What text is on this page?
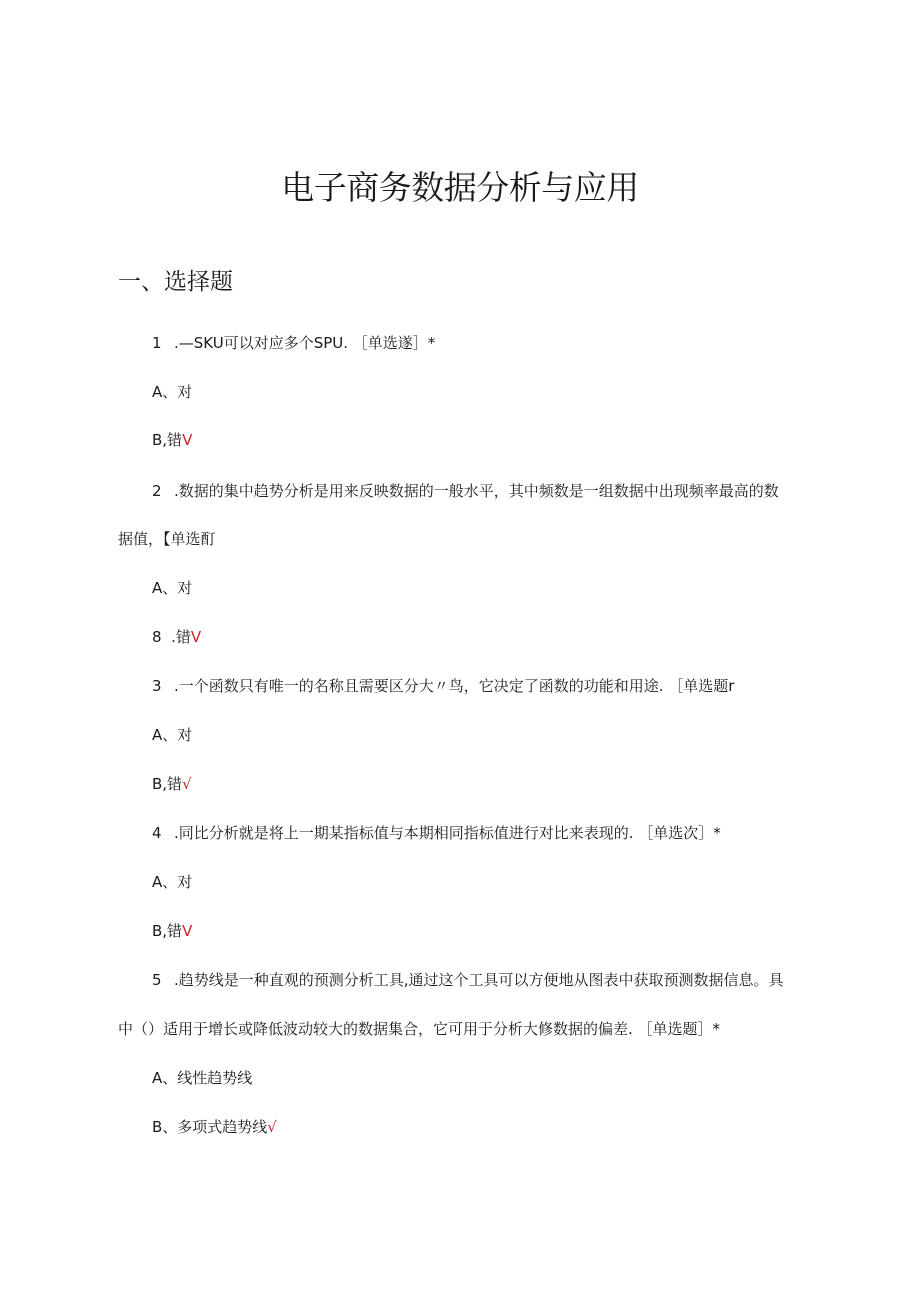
电子商务数据分析与应用
一、选择题

1 .—SKU可以对应多个SPU. ［单选遂］*

A、对

B,错V

2 .数据的集中趋势分析是用来反映数据的一般水平，其中频数是一组数据中出现频率最高的数

据值，【单选酊

A、对

8  .错V

3 .一个函数只有唯一的名称且需要区分大〃鸟，它决定了函数的功能和用途. ［单选题r

A、对

B,错√

4 .同比分析就是将上一期某指标值与本期相同指标值进行对比来表现的. ［单选次］*

A、对

B,错V

5 .趋势线是一种直观的预测分析工具,通过这个工具可以方便地从图表中获取预测数据信息。具

中（）适用于增长或降低波动较大的数据集合，它可用于分析大修数据的偏差. ［单选题］*

A、线性趋势线

B、多项式趋势线√
